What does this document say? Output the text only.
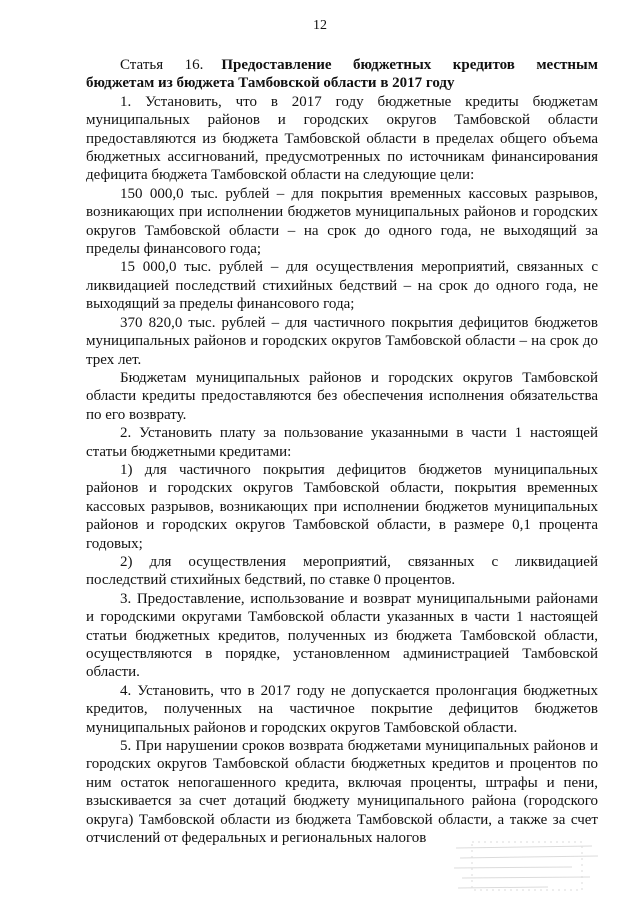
12

Статья 16. Предоставление бюджетных кредитов местным бюджетам из бюджета Тамбовской области в 2017 году

1. Установить, что в 2017 году бюджетные кредиты бюджетам муниципальных районов и городских округов Тамбовской области предоставляются из бюджета Тамбовской области в пределах общего объема бюджетных ассигнований, предусмотренных по источникам финансирования дефицита бюджета Тамбовской области на следующие цели:

150 000,0 тыс. рублей – для покрытия временных кассовых разрывов, возникающих при исполнении бюджетов муниципальных районов и городских округов Тамбовской области – на срок до одного года, не выходящий за пределы финансового года;

15 000,0 тыс. рублей – для осуществления мероприятий, связанных с ликвидацией последствий стихийных бедствий – на срок до одного года, не выходящий за пределы финансового года;

370 820,0 тыс. рублей – для частичного покрытия дефицитов бюджетов муниципальных районов и городских округов Тамбовской области – на срок до трех лет.

Бюджетам муниципальных районов и городских округов Тамбовской области кредиты предоставляются без обеспечения исполнения обязательства по его возврату.

2. Установить плату за пользование указанными в части 1 настоящей статьи бюджетными кредитами:

1) для частичного покрытия дефицитов бюджетов муниципальных районов и городских округов Тамбовской области, покрытия временных кассовых разрывов, возникающих при исполнении бюджетов муниципальных районов и городских округов Тамбовской области, в размере 0,1 процента годовых;

2) для осуществления мероприятий, связанных с ликвидацией последствий стихийных бедствий, по ставке 0 процентов.

3. Предоставление, использование и возврат муниципальными районами и городскими округами Тамбовской области указанных в части 1 настоящей статьи бюджетных кредитов, полученных из бюджета Тамбовской области, осуществляются в порядке, установленном администрацией Тамбовской области.

4. Установить, что в 2017 году не допускается пролонгация бюджетных кредитов, полученных на частичное покрытие дефицитов бюджетов муниципальных районов и городских округов Тамбовской области.

5. При нарушении сроков возврата бюджетами муниципальных районов и городских округов Тамбовской области бюджетных кредитов и процентов по ним остаток непогашенного кредита, включая проценты, штрафы и пени, взыскивается за счет дотаций бюджету муниципального района (городского округа) Тамбовской области из бюджета Тамбовской области, а также за счет отчислений от федеральных и региональных налогов
